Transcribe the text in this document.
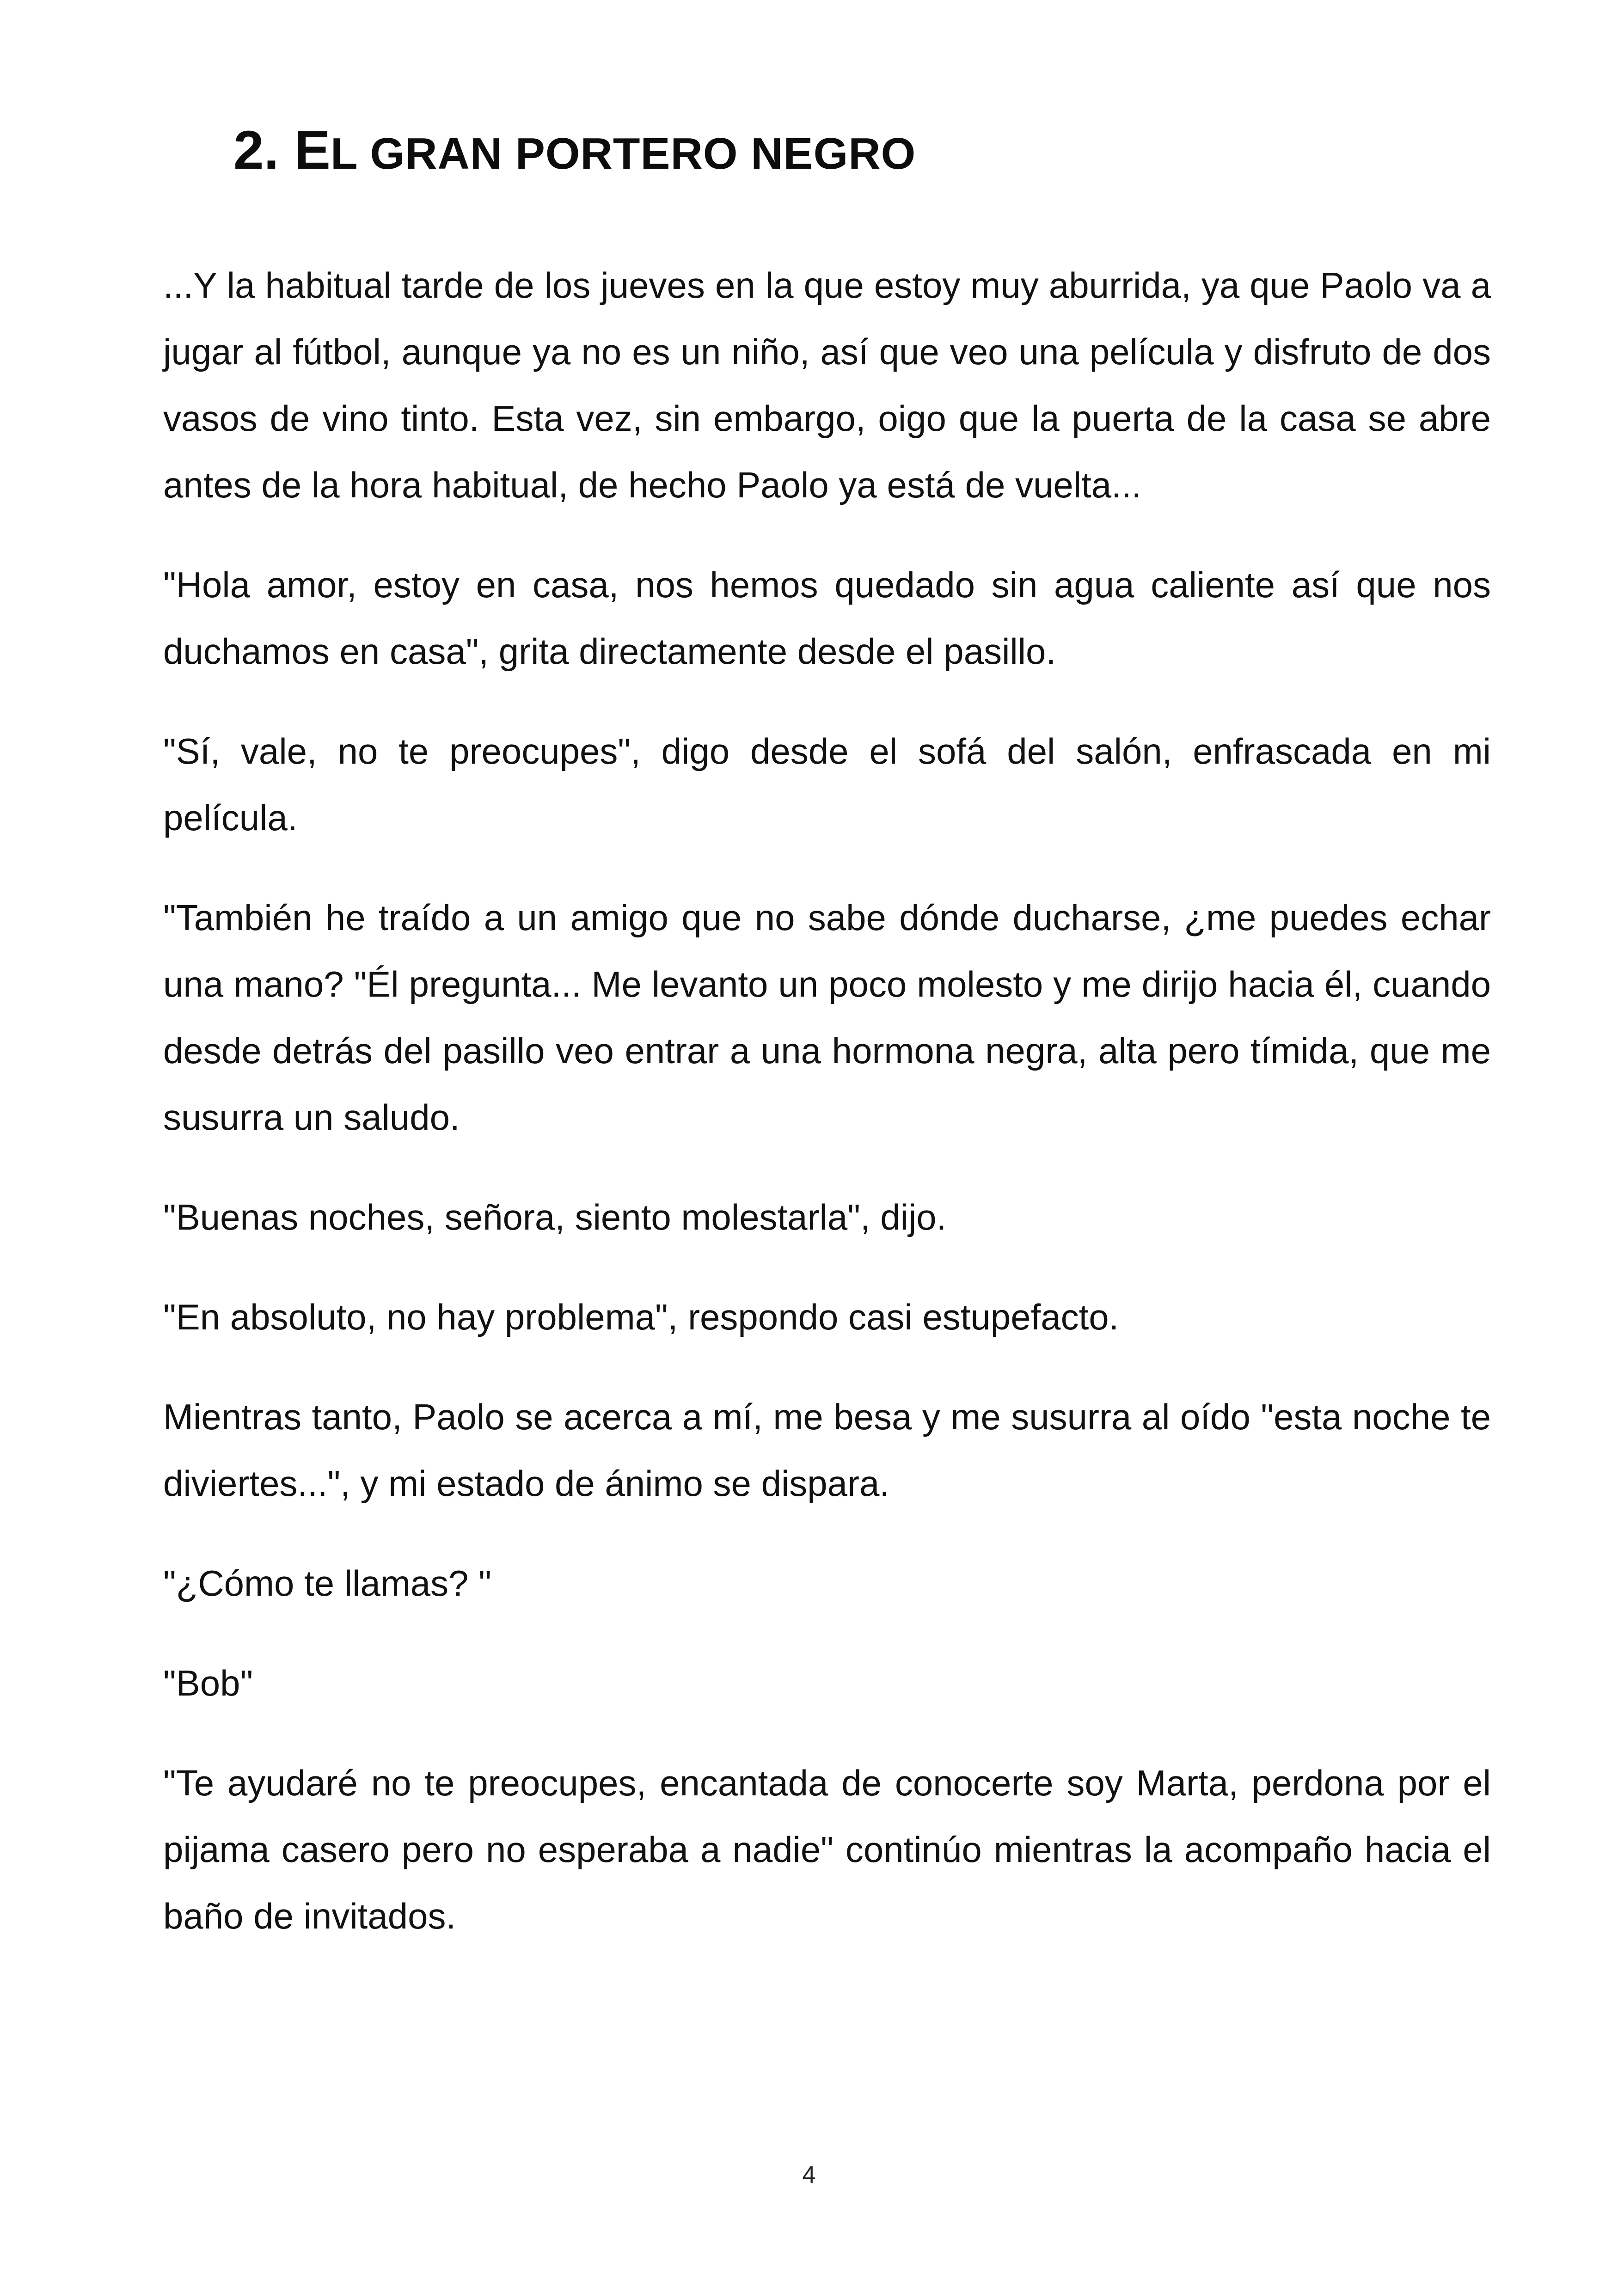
2. EL GRAN PORTERO NEGRO

...Y la habitual tarde de los jueves en la que estoy muy aburrida, ya que Paolo va a jugar al fútbol, aunque ya no es un niño, así que veo una película y disfruto de dos vasos de vino tinto. Esta vez, sin embargo, oigo que la puerta de la casa se abre antes de la hora habitual, de hecho Paolo ya está de vuelta...

"Hola amor, estoy en casa, nos hemos quedado sin agua caliente así que nos duchamos en casa", grita directamente desde el pasillo.

"Sí, vale, no te preocupes", digo desde el sofá del salón, enfrascada en mi película.

"También he traído a un amigo que no sabe dónde ducharse, ¿me puedes echar una mano? "Él pregunta... Me levanto un poco molesto y me dirijo hacia él, cuando desde detrás del pasillo veo entrar a una hormona negra, alta pero tímida, que me susurra un saludo.

"Buenas noches, señora, siento molestarla", dijo.

"En absoluto, no hay problema", respondo casi estupefacto.

Mientras tanto, Paolo se acerca a mí, me besa y me susurra al oído "esta noche te diviertes...", y mi estado de ánimo se dispara.

"¿Cómo te llamas? "

"Bob"

"Te ayudaré no te preocupes, encantada de conocerte soy Marta, perdona por el pijama casero pero no esperaba a nadie" continúo mientras la acompaño hacia el baño de invitados.

4
